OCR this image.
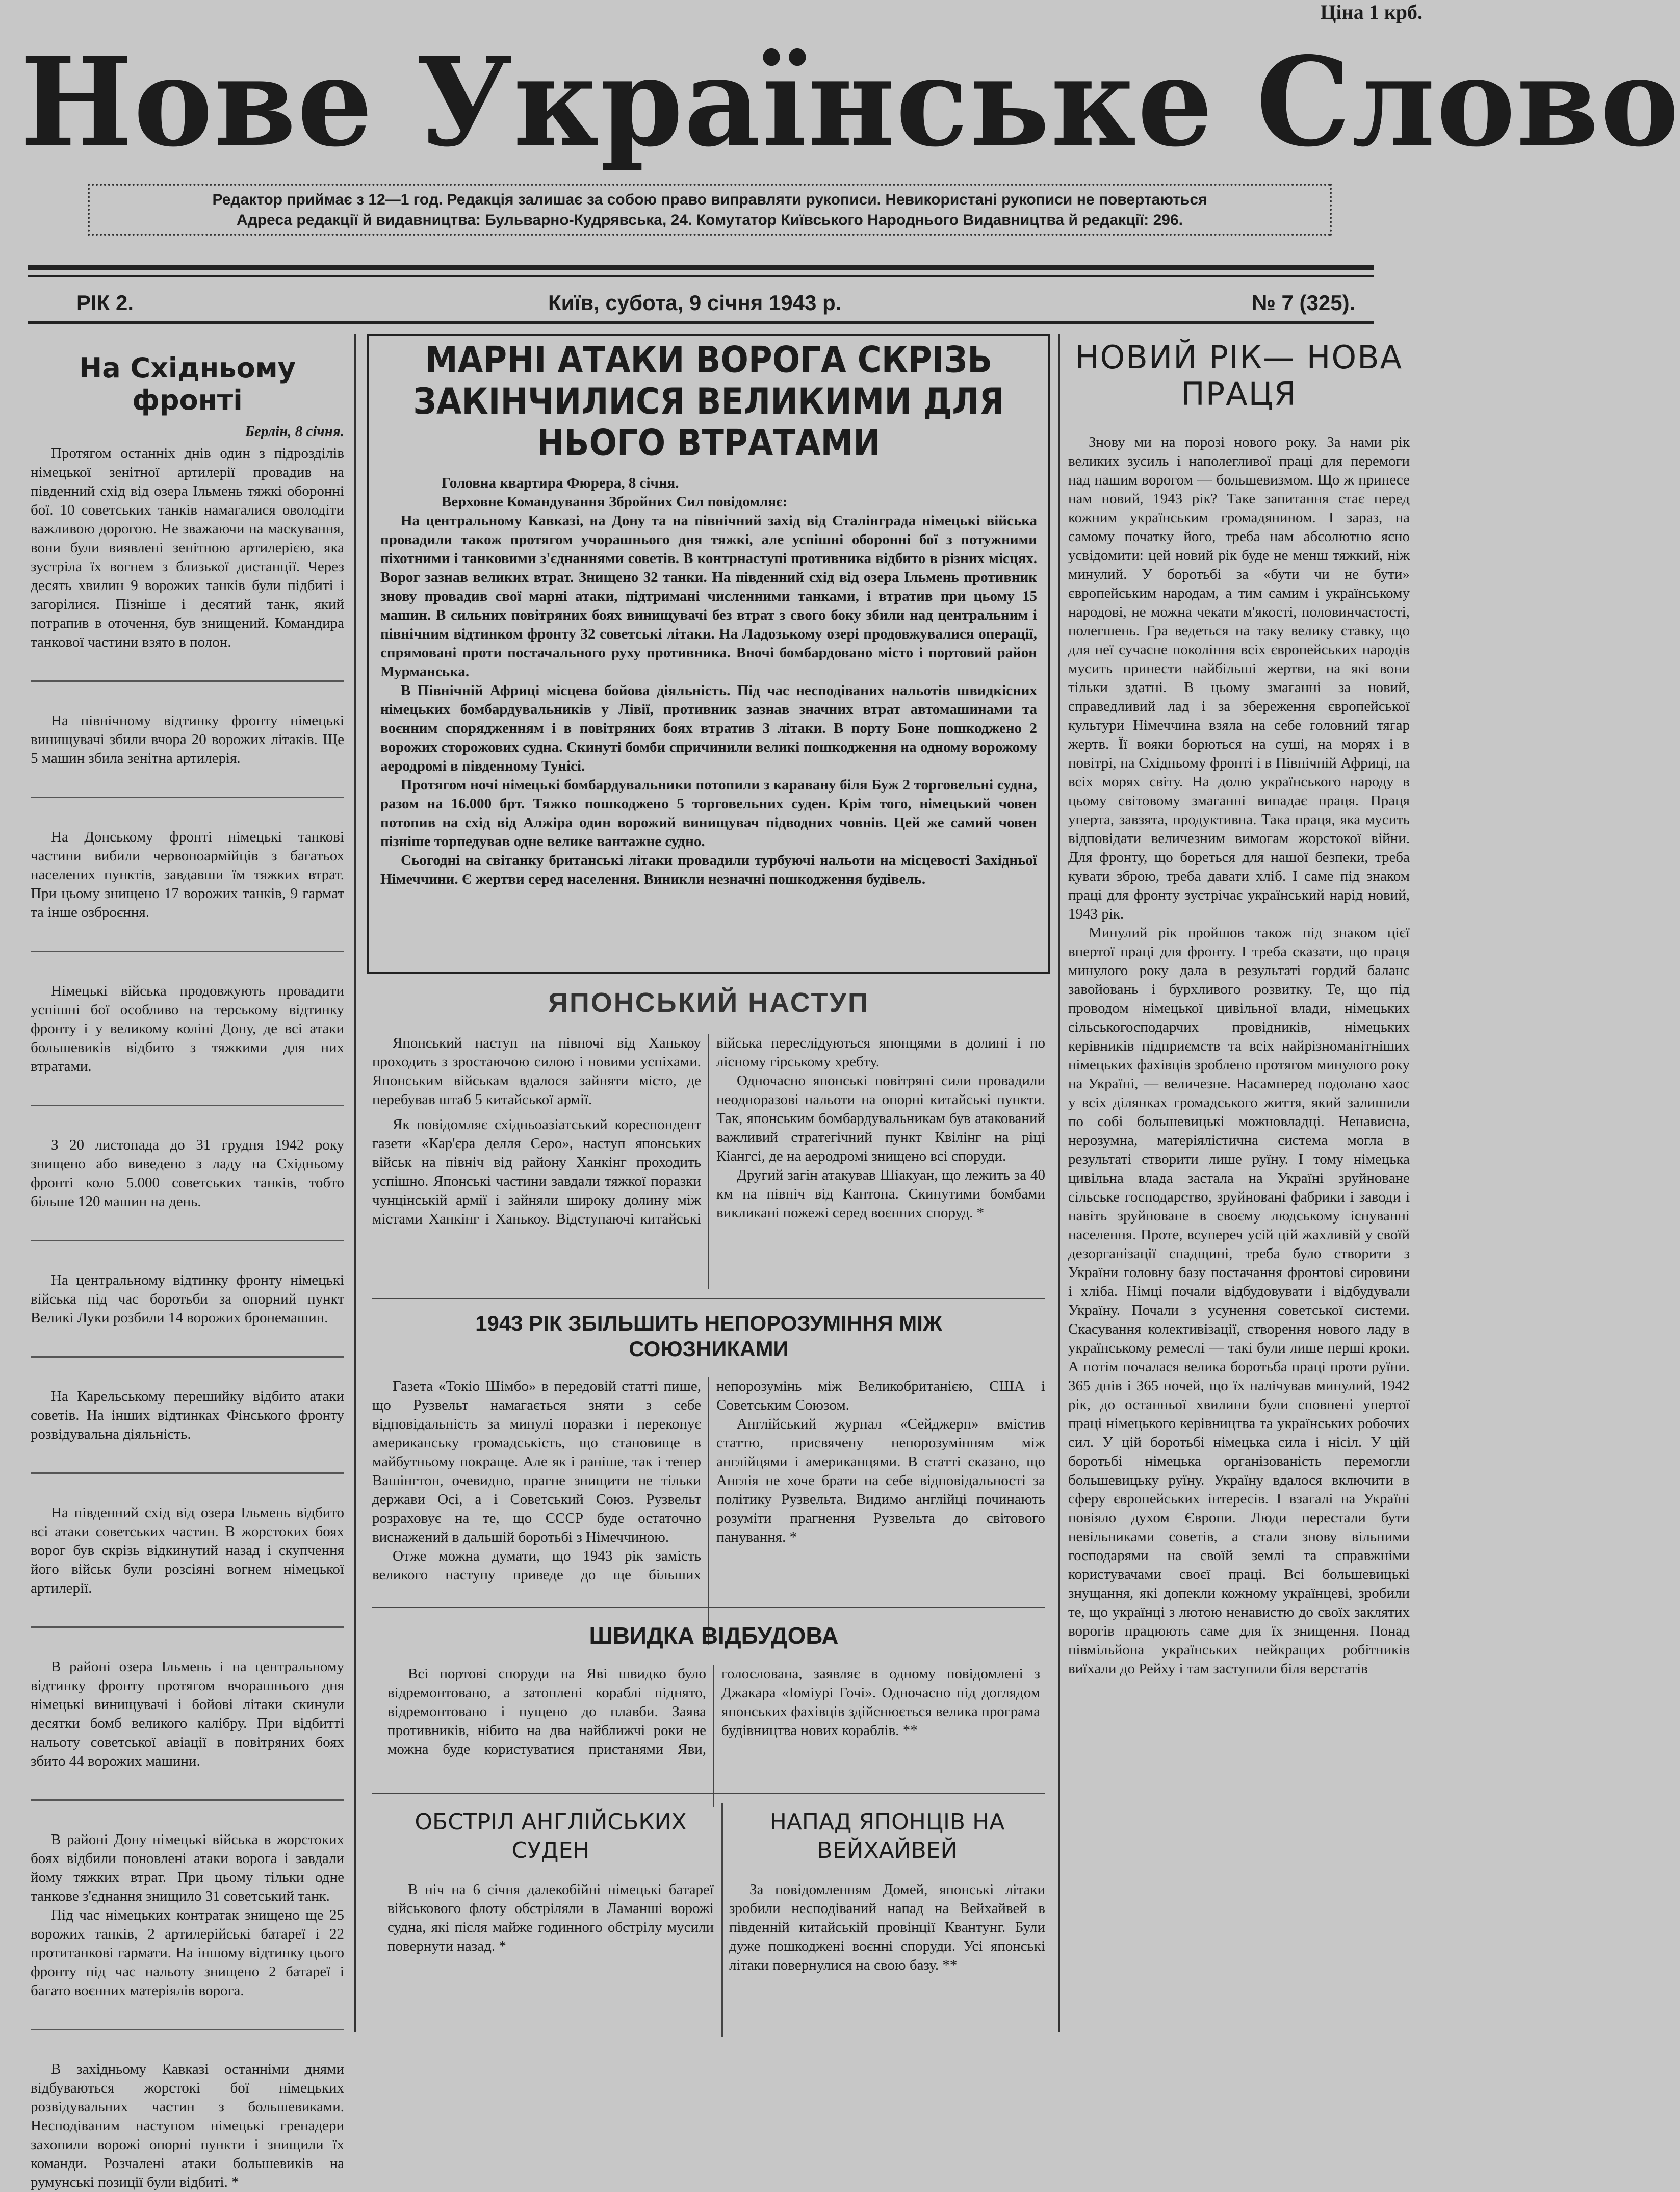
Ціна 1 крб.
Нове Українське Слово
Редактор приймає з 12—1 год. Редакція залишає за собою право виправляти рукописи. Невикористані рукописи не повертаються
Адреса редакції й видавництва: Бульварно-Кудрявська, 24. Комутатор Київського Народнього Видавництва й редакції: 296.
РІК 2.	Київ, субота, 9 січня 1943 р.	№ 7 (325).
На Східньому фронті
Берлін, 8 січня.

Протягом останніх днів один з підрозділів німецької зенітної артилерії провадив на південний схід від озера Ільмень тяжкі оборонні бої. 10 советських танків намагалися оволодіти важливою дорогою. Не зважаючи на маскування, вони були виявлені зенітною артилерією, яка зустріла їх вогнем з близької дистанції. Через десять хвилин 9 ворожих танків були підбиті і загорілися. Пізніше і десятий танк, який потрапив в оточення, був знищений. Командира танкової частини взято в полон.

На північному відтинку фронту німецькі винищувачі збили вчора 20 ворожих літаків. Ще 5 машин збила зенітна артилерія.

На Донському фронті німецькі танкові частини вибили червоноармійців з багатьох населених пунктів, завдавши їм тяжких втрат. При цьому знищено 17 ворожих танків, 9 гармат та інше озброєння.

Німецькі війська продовжують провадити успішні бої особливо на терському відтинку фронту і у великому коліні Дону, де всі атаки большевиків відбито з тяжкими для них втратами.

З 20 листопада до 31 грудня 1942 року знищено або виведено з ладу на Східньому фронті коло 5.000 советських танків, тобто більше 120 машин на день.

На центральному відтинку фронту німецькі війська під час боротьби за опорний пункт Великі Луки розбили 14 ворожих бронемашин.

На Карельському перешийку відбито атаки советів. На інших відтинках Фінського фронту розвідувальна діяльність.

На південний схід від озера Ільмень відбито всі атаки советських частин. В жорстоких боях ворог був скрізь відкинутий назад і скупчення його військ були розсіяні вогнем німецької артилерії.

В районі озера Ільмень і на центральному відтинку фронту протягом вчорашнього дня німецькі винищувачі і бойові літаки скинули десятки бомб великого калібру. При відбитті нальоту советської авіації в повітряних боях збито 44 ворожих машини.

В районі Дону німецькі війська в жорстоких боях відбили поновлені атаки ворога і завдали йому тяжких втрат. При цьому тільки одне танкове з'єднання знищило 31 советський танк.

Під час німецьких контратак знищено ще 25 ворожих танків, 2 артилерійські батареї і 22 протитанкові гармати. На іншому відтинку цього фронту під час нальоту знищено 2 батареї і багато воєнних матеріялів ворога.

В західньому Кавказі останніми днями відбуваються жорстокі бої німецьких розвідувальних частин з большевиками. Несподіваним наступом німецькі гренадери захопили ворожі опорні пункти і знищили їх команди. Розчалені атаки большевиків на румунські позиції були відбиті. *

МАРНІ АТАКИ ВОРОГА СКРІЗЬ ЗАКІНЧИЛИСЯ ВЕЛИКИМИ ДЛЯ НЬОГО ВТРАТАМИ
Головна квартира Фюрера, 8 січня.
Верховне Командування Збройних Сил повідомляє:

На центральному Кавказі, на Дону та на північний захід від Сталінграда німецькі війська провадили також протягом учорашнього дня тяжкі, але успішні оборонні бої з потужними піхотними і танковими з'єднаннями советів. В контрнаступі противника відбито в різних місцях. Ворог зазнав великих втрат. Знищено 32 танки. На південний схід від озера Ільмень противник знову провадив свої марні атаки, підтримані численними танками, і втратив при цьому 15 машин. В сильних повітряних боях винищувачі без втрат з свого боку збили над центральним і північним відтинком фронту 32 советські літаки. На Ладозькому озері продовжувалися операції, спрямовані проти постачального руху противника. Вночі бомбардовано місто і портовий район Мурманська.

В Північній Африці місцева бойова діяльність. Під час несподіваних нальотів швидкісних німецьких бомбардувальників у Лівії, противник зазнав значних втрат автомашинами та воєнним спорядженням і в повітряних боях втратив 3 літаки. В порту Боне пошкоджено 2 ворожих сторожових судна. Скинуті бомби спричинили великі пошкодження на одному ворожому аеродромі в південному Тунісі.

Протягом ночі німецькі бомбардувальники потопили з каравану біля Буж 2 торговельні судна, разом на 16.000 брт. Тяжко пошкоджено 5 торговельних суден. Крім того, німецький човен потопив на схід від Алжіра один ворожий винищувач підводних човнів. Цей же самий човен пізніше торпедував одне велике вантажне судно.

Сьогодні на світанку британські літаки провадили турбуючі нальоти на місцевості Західньої Німеччини. Є жертви серед населення. Виникли незначні пошкодження будівель.

ЯПОНСЬКИЙ НАСТУП

Японський наступ на півночі від Ханькоу проходить з зростаючою силою і новими успіхами. Японським військам вдалося зайняти місто, де перебував штаб 5 китайської армії.

Як повідомляє східньоазіатський кореспондент газети «Кар'єра делля Серо», наступ японських військ на північ від району Ханкінг проходить успішно. Японські частини завдали тяжкої поразки чунцінській армії і зайняли широку долину між містами Ханкінг і Ханькоу. Відступаючі китайські війська переслідуються японцями в долині і по лісному гірському хребту.

Одночасно японські повітряні сили провадили неодноразові нальоти на опорні китайські пункти. Так, японським бомбардувальникам був атакований важливий стратегічний пункт Квілінг на ріці Кіангсі, де на аеродромі знищено всі споруди.

Другий загін атакував Шіакуан, що лежить за 40 км на північ від Кантона. Скинутими бомбами викликані пожежі серед воєнних споруд. *

1943 РІК ЗБІЛЬШИТЬ НЕПОРОЗУМІННЯ МІЖ СОЮЗНИКАМИ

Газета «Токіо Шімбо» в передовій статті пише, що Рузвельт намагається зняти з себе відповідальність за минулі поразки і переконує американську громадськість, що становище в майбутньому покраще. Але як і раніше, так і тепер Вашінгтон, очевидно, прагне знищити не тільки держави Осі, а і Советський Союз. Рузвельт розраховує на те, що СССР буде остаточно виснажений в дальшій боротьбі з Німеччиною.

Отже можна думати, що 1943 рік замість великого наступу приведе до ще більших непорозумінь між Великобританією, США і Советським Союзом.

Англійський журнал «Сейджерп» вмістив статтю, присвячену непорозумінням між англійцями і американцями. В статті сказано, що Англія не хоче брати на себе відповідальності за політику Рузвельта. Видимо англійці починають розуміти прагнення Рузвельта до світового панування. *

ШВИДКА ВІДБУДОВА

Всі портові споруди на Яві швидко було відремонтовано, а затоплені кораблі піднято, відремонтовано і пущено до плавби. Заява противників, нібито на два найближчі роки не можна буде користуватися пристанями Яви, голослована, заявляє в одному повідомлені з Джакара «Іоміурі Гочі». Одночасно під доглядом японських фахівців здійснюється велика програма будівництва нових кораблів. **

ОБСТРІЛ АНГЛІЙСЬКИХ СУДЕН

В ніч на 6 січня далекобійні німецькі батареї військового флоту обстріляли в Ламаншi ворожі судна, які після майже годинного обстрілу мусили повернути назад. *

НАПАД ЯПОНЦІВ НА ВЕЙХАЙВЕЙ

За повідомленням Домей, японські літаки зробили несподіваний напад на Вейхайвей в південній китайській провінції Квантунг. Були дуже пошкоджені воєнні споруди. Усі японські літаки повернулися на свою базу. **

НОВИЙ РІК— НОВА ПРАЦЯ

Знову ми на порозі нового року. За нами рік великих зусиль і наполегливої праці для перемоги над нашим ворогом — большевизмом. Що ж принесе нам новий, 1943 рік? Таке запитання стає перед кожним українським громадянином. І зараз, на самому початку його, треба нам абсолютно ясно усвідомити: цей новий рік буде не менш тяжкий, ніж минулий. У боротьбі за «бути чи не бути» європейським народам, а тим самим і українському народові, не можна чекати м'якості, половинчастості, полегшень. Гра ведеться на таку велику ставку, що для неї сучасне покоління всіх європейських народів мусить принести найбільші жертви, на які вони тільки здатні. В цьому змаганні за новий, справедливий лад і за збереження європейської культури Німеччина взяла на себе головний тягар жертв. Її вояки борються на суші, на морях і в повітрі, на Східньому фронті і в Північній Африці, на всіх морях світу. На долю українського народу в цьому світовому змаганні випадає праця. Праця уперта, завзята, продуктивна. Така праця, яка мусить відповідати величезним вимогам жорстокої війни. Для фронту, що бореться для нашої безпеки, треба кувати зброю, треба давати хліб. І саме під знаком праці для фронту зустрічає український нарід новий, 1943 рік.

Минулий рік пройшов також під знаком цієї впертої праці для фронту. І треба сказати, що праця минулого року дала в результаті гордий баланс завойовань і бурхливого розвитку. Те, що під проводом німецької цивільної влади, німецьких сільськогосподарчих провідників, німецьких керівників підприємств та всіх найрізноманітніших німецьких фахівців зроблено протягом минулого року на Україні, — величезне. Насамперед подолано хаос у всіх ділянках громадського життя, який залишили по собі большевицькі можновладці. Ненависна, нерозумна, матеріялістична система могла в результаті створити лише руїну. І тому німецька цивільна влада застала на Україні зруйноване сільське господарство, зруйновані фабрики і заводи і навіть зруйноване в своєму людському існуванні населення. Проте, всупереч усій цій жахливій у своїй дезорганізації спадщині, треба було створити з України головну базу постачання фронтові сировини і хліба. Німці почали відбудовувати і відбудували Україну. Почали з усунення советської системи. Скасування колективізації, створення нового ладу в українському ремеслі — такі були лише перші кроки. А потім почалася велика боротьба праці проти руїни. 365 днів і 365 ночей, що їх налічував минулий, 1942 рік, до останньої хвилини були сповнені упертої праці німецького керівництва та українських робочих сил. У цій боротьбі німецька сила і нісіл. У цій боротьбі німецька організованість перемогли большевицьку руїну. Україну вдалося включити в сферу європейських інтересів. І взагалі на Україні повіяло духом Європи. Люди перестали бути невільниками советів, а стали знову вільними господарями на своїй землі та справжніми користувачами своєї праці. Всі большевицькі знущання, які допекли кожному українцеві, зробили те, що українці з лютою ненавистю до своїх заклятих ворогів працюють саме для їх знищення. Понад півмільйона українських нейкращих робітників виїхали до Рейху і там заступили біля верстатів
